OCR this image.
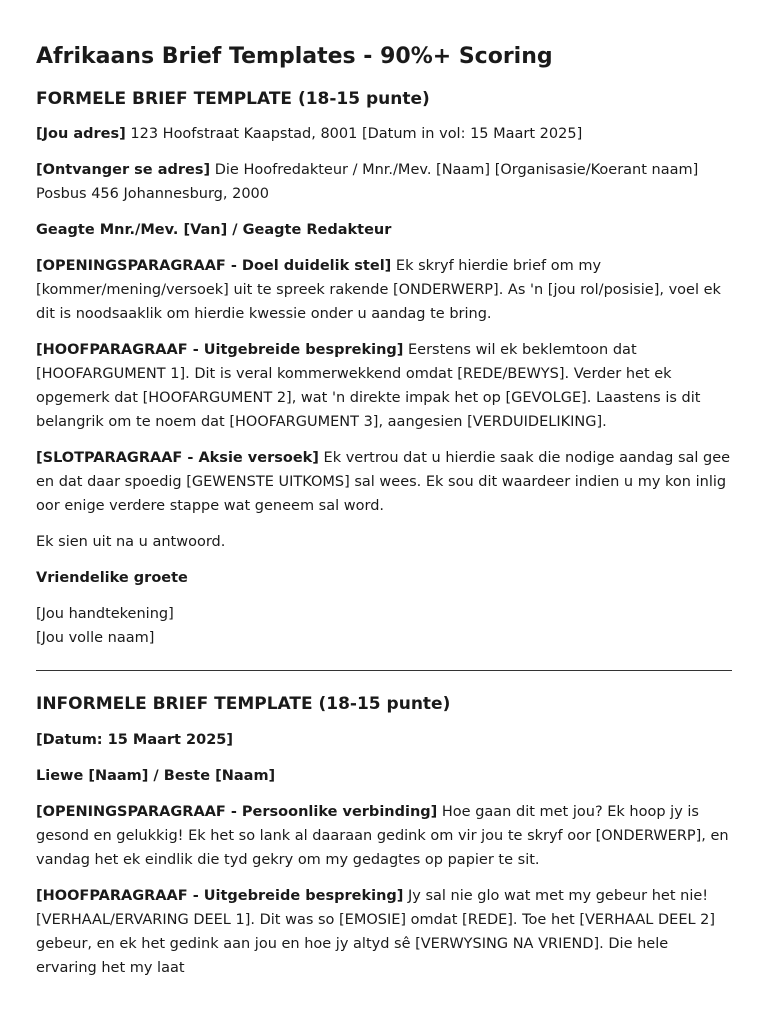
Afrikaans Brief Templates - 90%+ Scoring
FORMELE BRIEF TEMPLATE (18-15 punte)

[Jou adres] 123 Hoofstraat Kaapstad, 8001 [Datum in vol: 15 Maart 2025]

[Ontvanger se adres] Die Hoofredakteur / Mnr./Mev. [Naam] [Organisasie/Koerant naam] Posbus 456 Johannesburg, 2000

Geagte Mnr./Mev. [Van] / Geagte Redakteur

[OPENINGSPARAGRAAF - Doel duidelik stel] Ek skryf hierdie brief om my [kommer/mening/versoek] uit te spreek rakende [ONDERWERP]. As 'n [jou rol/posisie], voel ek dit is noodsaaklik om hierdie kwessie onder u aandag te bring.

[HOOFPARAGRAAF - Uitgebreide bespreking] Eerstens wil ek beklemtoon dat [HOOFARGUMENT 1]. Dit is veral kommerwekkend omdat [REDE/BEWYS]. Verder het ek opgemerk dat [HOOFARGUMENT 2], wat 'n direkte impak het op [GEVOLGE]. Laastens is dit belangrik om te noem dat [HOOFARGUMENT 3], aangesien [VERDUIDELIKING].

[SLOTPARAGRAAF - Aksie versoek] Ek vertrou dat u hierdie saak die nodige aandag sal gee en dat daar spoedig [GEWENSTE UITKOMS] sal wees. Ek sou dit waardeer indien u my kon inlig oor enige verdere stappe wat geneem sal word.

Ek sien uit na u antwoord.

Vriendelike groete

[Jou handtekening]
[Jou volle naam]

INFORMELE BRIEF TEMPLATE (18-15 punte)

[Datum: 15 Maart 2025]

Liewe [Naam] / Beste [Naam]

[OPENINGSPARAGRAAF - Persoonlike verbinding] Hoe gaan dit met jou? Ek hoop jy is gesond en gelukkig! Ek het so lank al daaraan gedink om vir jou te skryf oor [ONDERWERP], en vandag het ek eindlik die tyd gekry om my gedagtes op papier te sit.

[HOOFPARAGRAAF - Uitgebreide bespreking] Jy sal nie glo wat met my gebeur het nie! [VERHAAL/ERVARING DEEL 1]. Dit was so [EMOSIE] omdat [REDE]. Toe het [VERHAAL DEEL 2] gebeur, en ek het gedink aan jou en hoe jy altyd sê [VERWYSING NA VRIEND]. Die hele ervaring het my laat
